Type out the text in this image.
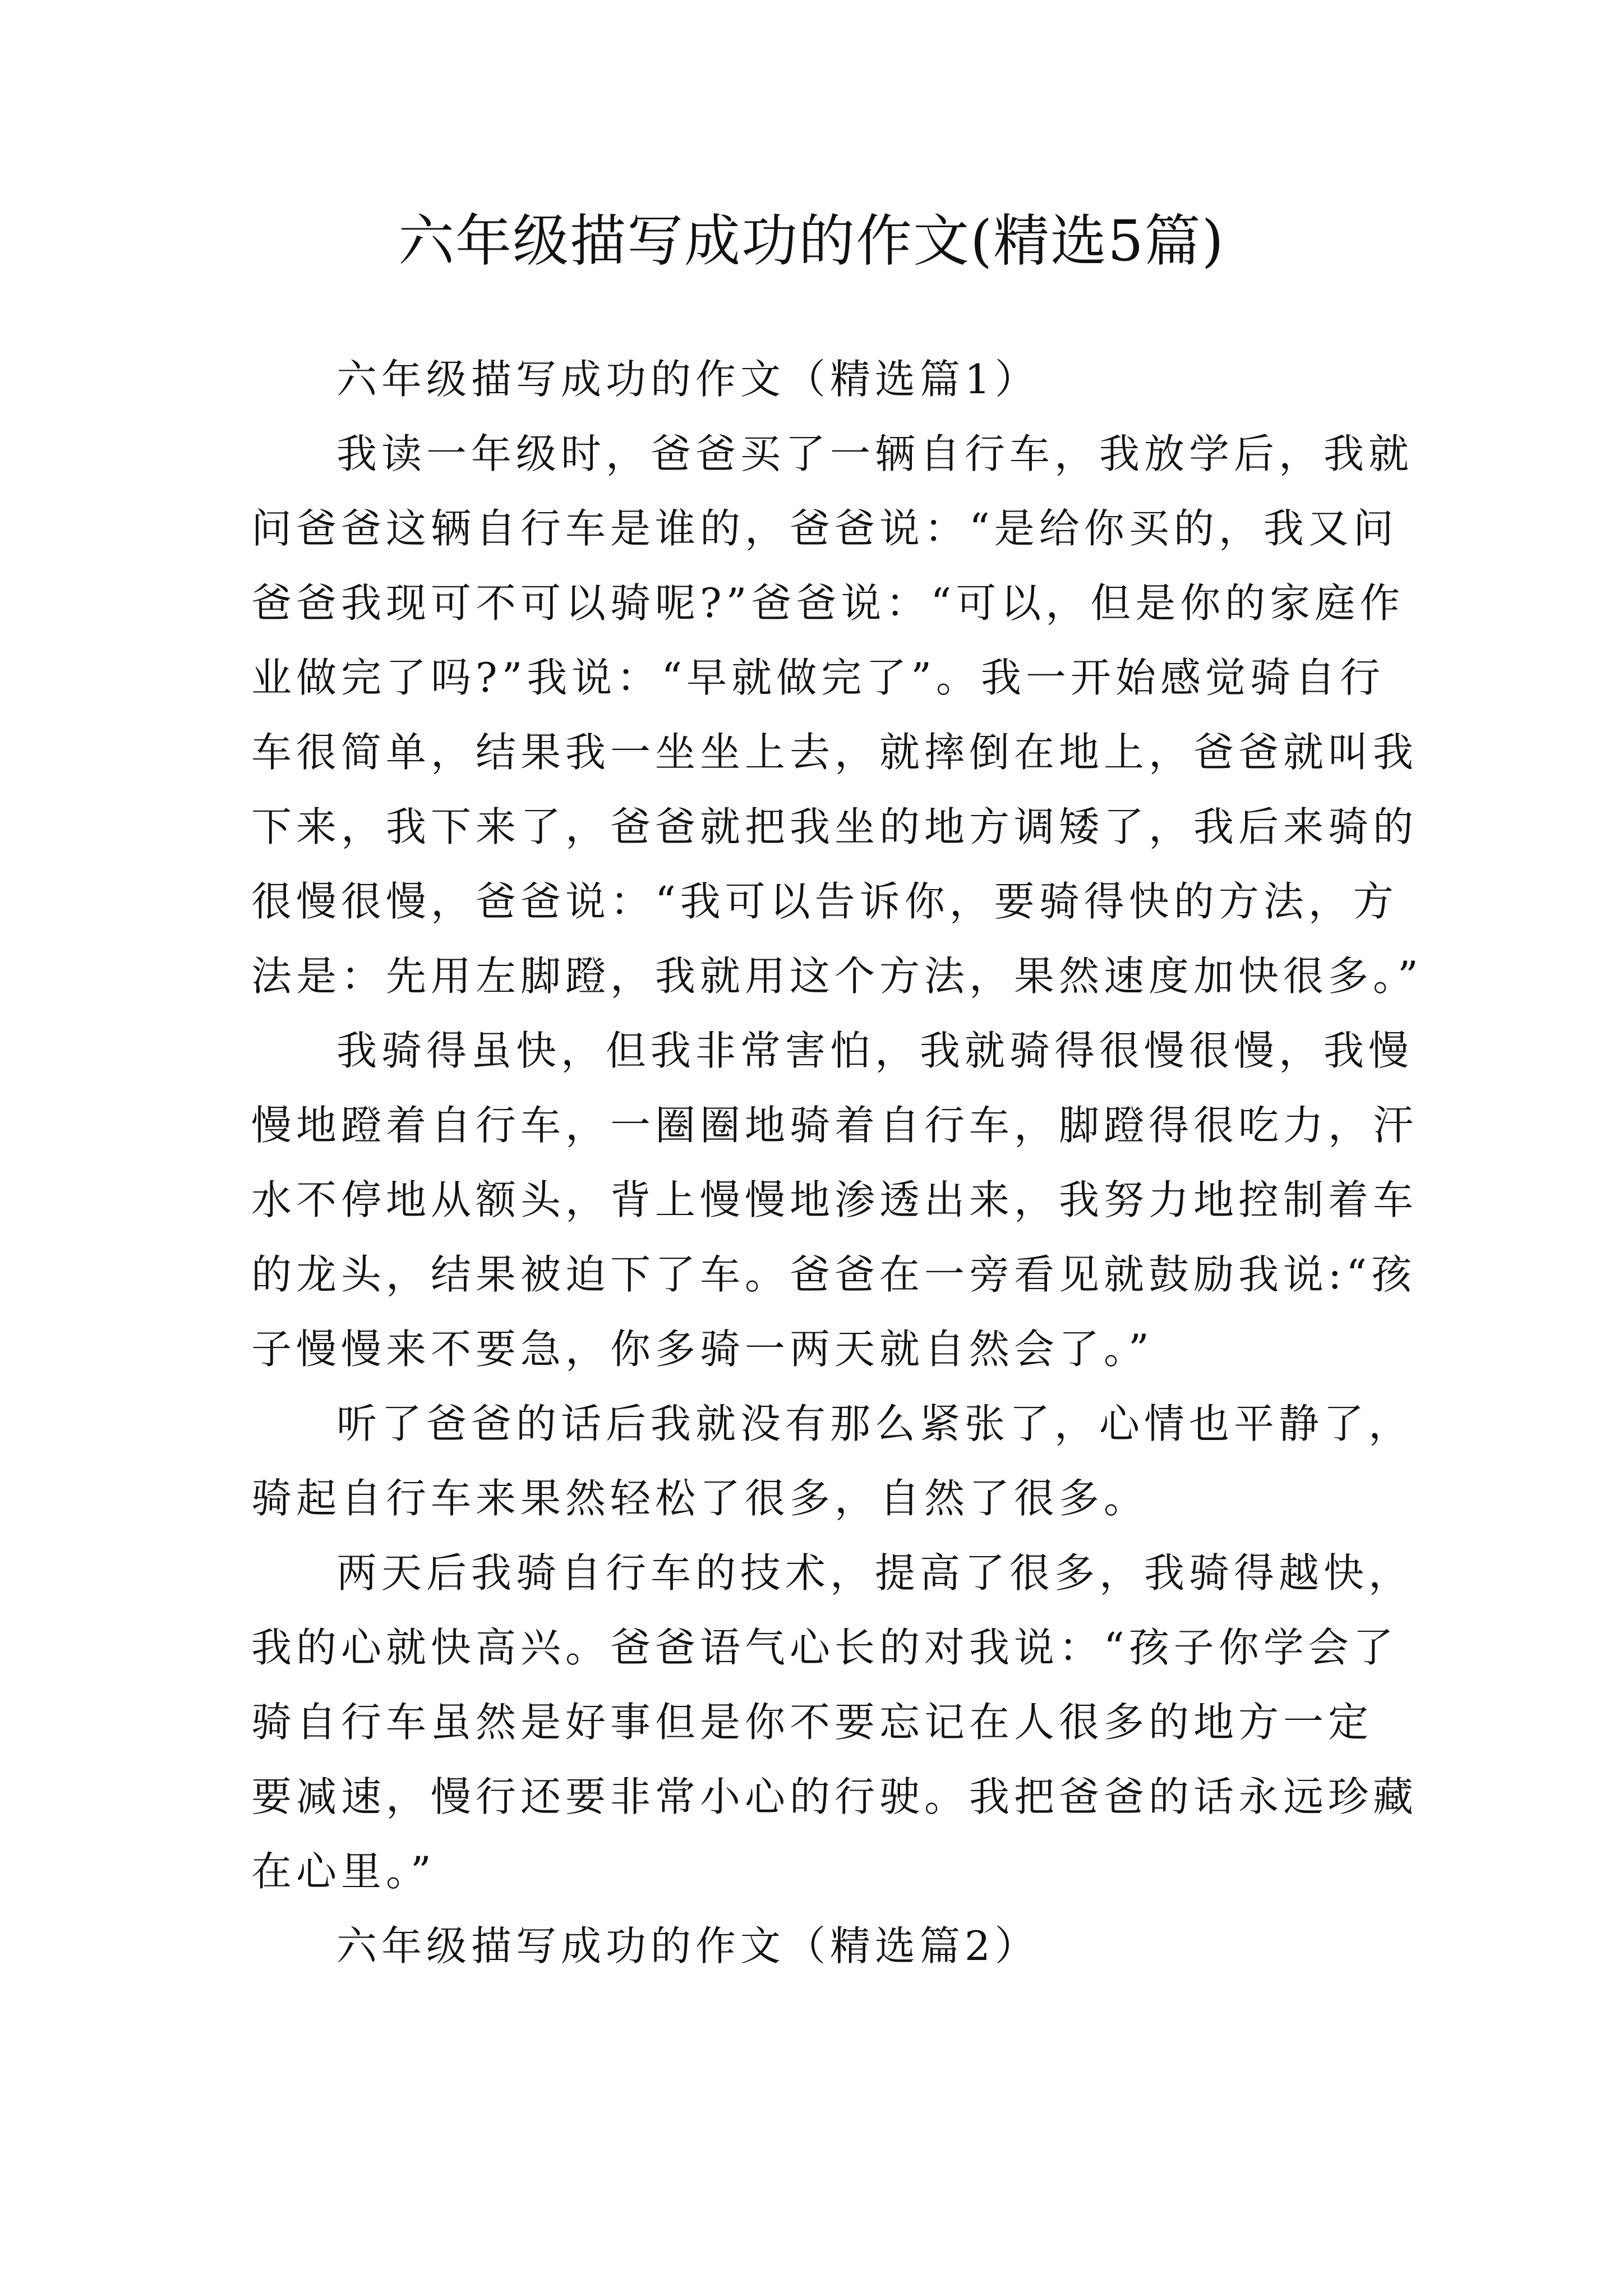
六年级描写成功的作文(精选5篇)
六年级描写成功的作文（精选篇1）
我读一年级时，爸爸买了一辆自行车，我放学后，我就
问爸爸这辆自行车是谁的，爸爸说：“是给你买的，我又问
爸爸我现可不可以骑呢?”爸爸说：“可以，但是你的家庭作
业做完了吗?”我说：“早就做完了”。我一开始感觉骑自行
车很简单，结果我一坐坐上去，就摔倒在地上，爸爸就叫我
下来，我下来了，爸爸就把我坐的地方调矮了，我后来骑的
很慢很慢，爸爸说：“我可以告诉你，要骑得快的方法，方
法是：先用左脚蹬，我就用这个方法，果然速度加快很多。”
我骑得虽快，但我非常害怕，我就骑得很慢很慢，我慢
慢地蹬着自行车，一圈圈地骑着自行车，脚蹬得很吃力，汗
水不停地从额头，背上慢慢地渗透出来，我努力地控制着车
的龙头，结果被迫下了车。爸爸在一旁看见就鼓励我说:“孩
子慢慢来不要急，你多骑一两天就自然会了。”
听了爸爸的话后我就没有那么紧张了，心情也平静了，
骑起自行车来果然轻松了很多，自然了很多。
两天后我骑自行车的技术，提高了很多，我骑得越快，
我的心就快高兴。爸爸语气心长的对我说：“孩子你学会了
骑自行车虽然是好事但是你不要忘记在人很多的地方一定
要减速，慢行还要非常小心的行驶。我把爸爸的话永远珍藏
在心里。”
六年级描写成功的作文（精选篇2）
